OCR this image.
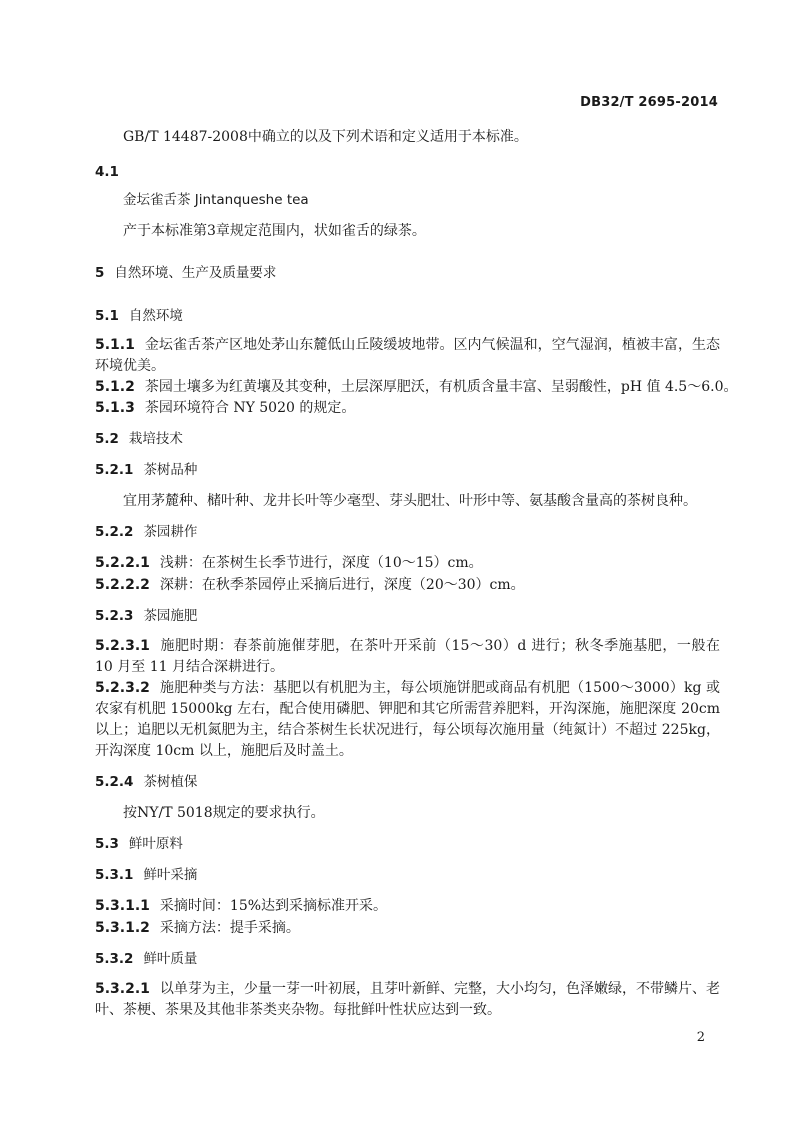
DB32/T 2695-2014
GB/T 14487-2008中确立的以及下列术语和定义适用于本标准。
4.1
金坛雀舌茶 Jintanqueshe tea
产于本标准第3章规定范围内，状如雀舌的绿茶。
5 自然环境、生产及质量要求
5.1 自然环境
5.1.1 金坛雀舌茶产区地处茅山东麓低山丘陵缓坡地带。区内气候温和，空气湿润，植被丰富，生态环境优美。
5.1.2 茶园土壤多为红黄壤及其变种，土层深厚肥沃，有机质含量丰富、呈弱酸性，pH 值 4.5～6.0。
5.1.3 茶园环境符合 NY 5020 的规定。
5.2 栽培技术
5.2.1 茶树品种
宜用茅麓种、槠叶种、龙井长叶等少毫型、芽头肥壮、叶形中等、氨基酸含量高的茶树良种。
5.2.2 茶园耕作
5.2.2.1 浅耕：在茶树生长季节进行，深度（10～15）cm。
5.2.2.2 深耕：在秋季茶园停止采摘后进行，深度（20～30）cm。
5.2.3 茶园施肥
5.2.3.1 施肥时期：春茶前施催芽肥，在茶叶开采前（15～30）d 进行；秋冬季施基肥，一般在 10 月至 11 月结合深耕进行。
5.2.3.2 施肥种类与方法：基肥以有机肥为主，每公顷施饼肥或商品有机肥（1500～3000）kg 或农家有机肥 15000kg 左右，配合使用磷肥、钾肥和其它所需营养肥料，开沟深施，施肥深度 20cm 以上；追肥以无机氮肥为主，结合茶树生长状况进行，每公顷每次施用量（纯氮计）不超过 225kg，开沟深度 10cm 以上，施肥后及时盖土。
5.2.4 茶树植保
按NY/T 5018规定的要求执行。
5.3 鲜叶原料
5.3.1 鲜叶采摘
5.3.1.1 采摘时间：15%达到采摘标准开采。
5.3.1.2 采摘方法：提手采摘。
5.3.2 鲜叶质量
5.3.2.1 以单芽为主，少量一芽一叶初展，且芽叶新鲜、完整，大小均匀，色泽嫩绿，不带鳞片、老叶、茶梗、茶果及其他非茶类夹杂物。每批鲜叶性状应达到一致。
2
